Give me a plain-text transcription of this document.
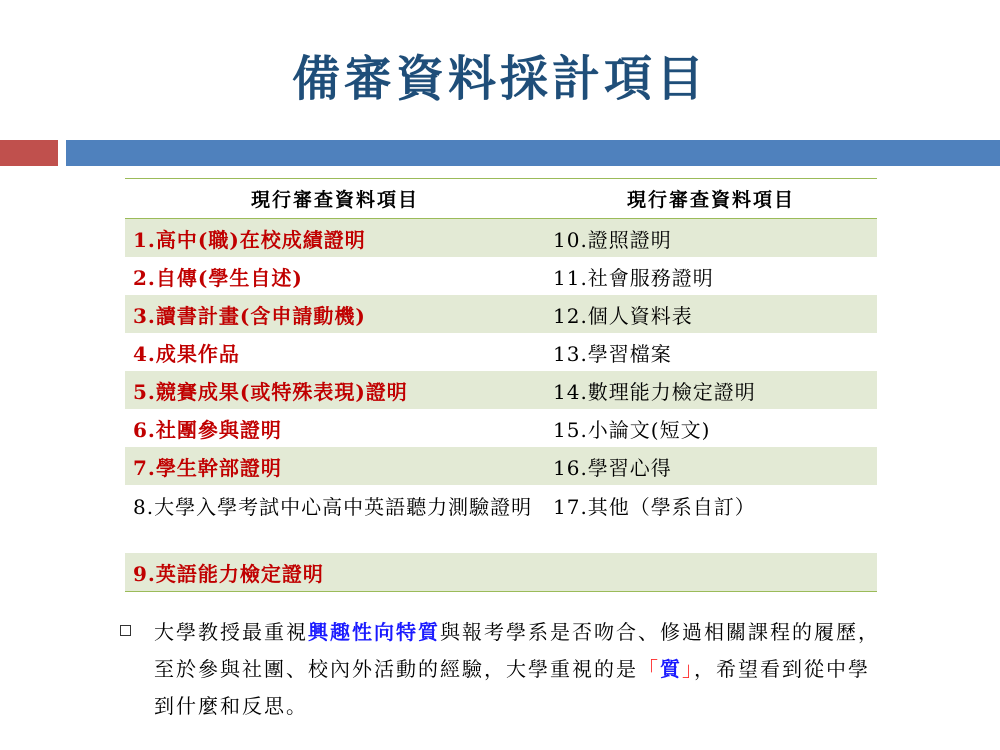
備審資料採計項目
現行審查資料項目	現行審查資料項目
1.高中(職)在校成績證明	10.證照證明
2.自傳(學生自述)	11.社會服務證明
3.讀書計畫(含申請動機)	12.個人資料表
4.成果作品	13.學習檔案
5.競賽成果(或特殊表現)證明	14.數理能力檢定證明
6.社團參與證明	15.小論文(短文)
7.學生幹部證明	16.學習心得
8.大學入學考試中心高中英語聽力測驗證明	17.其他（學系自訂）
9.英語能力檢定證明	
大學教授最重視興趣性向特質與報考學系是否吻合、修過相關課程的履歷，至於參與社團、校內外活動的經驗，大學重視的是「質」，希望看到從中學到什麼和反思。
